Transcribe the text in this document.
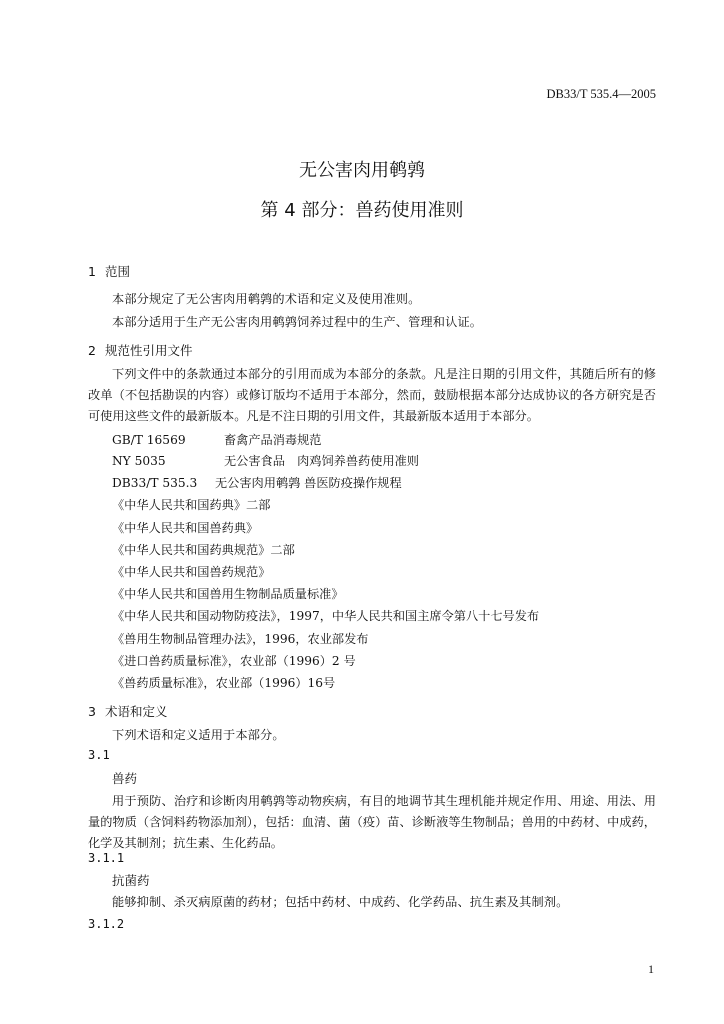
DB33/T 535.4—2005
无公害肉用鹌鹑
第 4 部分：兽药使用准则
1 范围
本部分规定了无公害肉用鹌鹑的术语和定义及使用准则。
本部分适用于生产无公害肉用鹌鹑饲养过程中的生产、管理和认证。
2 规范性引用文件
下列文件中的条款通过本部分的引用而成为本部分的条款。凡是注日期的引用文件，其随后所有的修改单（不包括勘误的内容）或修订版均不适用于本部分，然而，鼓励根据本部分达成协议的各方研究是否可使用这些文件的最新版本。凡是不注日期的引用文件，其最新版本适用于本部分。
GB/T 16569	畜禽产品消毒规范
NY 5035	无公害食品　肉鸡饲养兽药使用准则
DB33/T 535.3 无公害肉用鹌鹑 兽医防疫操作规程
《中华人民共和国药典》二部
《中华人民共和国兽药典》
《中华人民共和国药典规范》二部
《中华人民共和国兽药规范》
《中华人民共和国兽用生物制品质量标准》
《中华人民共和国动物防疫法》，1997，中华人民共和国主席令第八十七号发布
《兽用生物制品管理办法》，1996，农业部发布
《进口兽药质量标准》，农业部（1996）2 号
《兽药质量标准》，农业部（1996）16号
3 术语和定义
下列术语和定义适用于本部分。
3.1
兽药
用于预防、治疗和诊断肉用鹌鹑等动物疾病，有目的地调节其生理机能并规定作用、用途、用法、用量的物质（含饲料药物添加剂），包括：血清、菌（疫）苗、诊断液等生物制品；兽用的中药材、中成药，化学及其制剂；抗生素、生化药品。
3.1.1
抗菌药
能够抑制、杀灭病原菌的药材；包括中药材、中成药、化学药品、抗生素及其制剂。
3.1.2
1
